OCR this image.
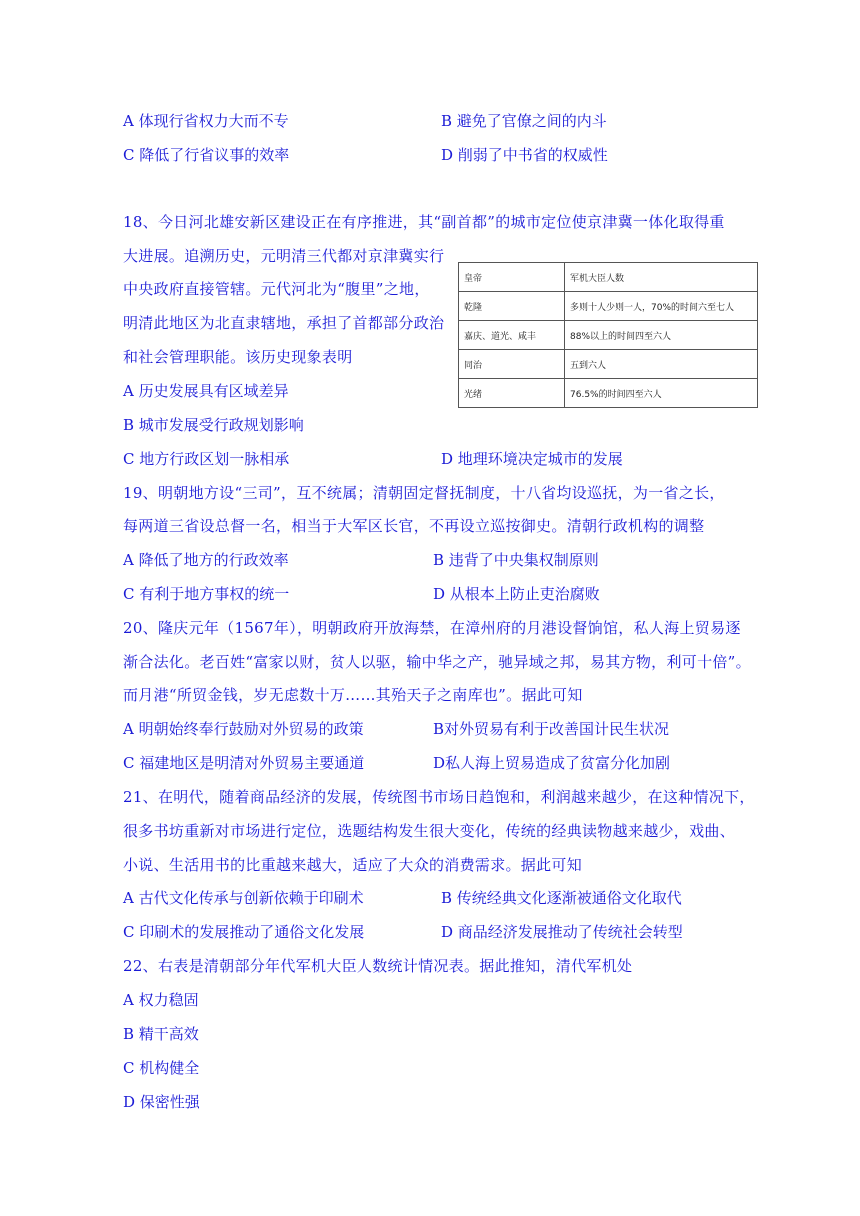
A 体现行省权力大而不专	B 避免了官僚之间的内斗
C 降低了行省议事的效率	D 削弱了中书省的权威性
18、今日河北雄安新区建设正在有序推进，其“副首都”的城市定位使京津冀一体化取得重
大进展。追溯历史，元明清三代都对京津冀实行
中央政府直接管辖。元代河北为“腹里”之地，
明清此地区为北直隶辖地，承担了首都部分政治
和社会管理职能。该历史现象表明
A 历史发展具有区域差异
B 城市发展受行政规划影响
C 地方行政区划一脉相承	D 地理环境决定城市的发展
皇帝	军机大臣人数
乾隆	多则十人少则一人，70%的时间六至七人
嘉庆、道光、咸丰	88%以上的时间四至六人
同治	五到六人
光绪	76.5%的时间四至六人
19、明朝地方设“三司”，互不统属；清朝固定督抚制度，十八省均设巡抚，为一省之长，
每两道三省设总督一名，相当于大军区长官，不再设立巡按御史。清朝行政机构的调整
A 降低了地方的行政效率	B 违背了中央集权制原则
C 有利于地方事权的统一	D 从根本上防止吏治腐败
20、隆庆元年（1567年），明朝政府开放海禁，在漳州府的月港设督饷馆，私人海上贸易逐
渐合法化。老百姓“富家以财，贫人以驱，输中华之产，驰异域之邦，易其方物，利可十倍”。
而月港“所贸金钱，岁无虑数十万……其殆天子之南库也”。据此可知
A 明朝始终奉行鼓励对外贸易的政策	B对外贸易有利于改善国计民生状况
C 福建地区是明清对外贸易主要通道	D私人海上贸易造成了贫富分化加剧
21、在明代，随着商品经济的发展，传统图书市场日趋饱和，利润越来越少，在这种情况下，
很多书坊重新对市场进行定位，选题结构发生很大变化，传统的经典读物越来越少，戏曲、
小说、生活用书的比重越来越大，适应了大众的消费需求。据此可知
A 古代文化传承与创新依赖于印刷术	B 传统经典文化逐渐被通俗文化取代
C 印刷术的发展推动了通俗文化发展	D 商品经济发展推动了传统社会转型
22、右表是清朝部分年代军机大臣人数统计情况表。据此推知，清代军机处
A 权力稳固
B 精干高效
C 机构健全
D 保密性强
